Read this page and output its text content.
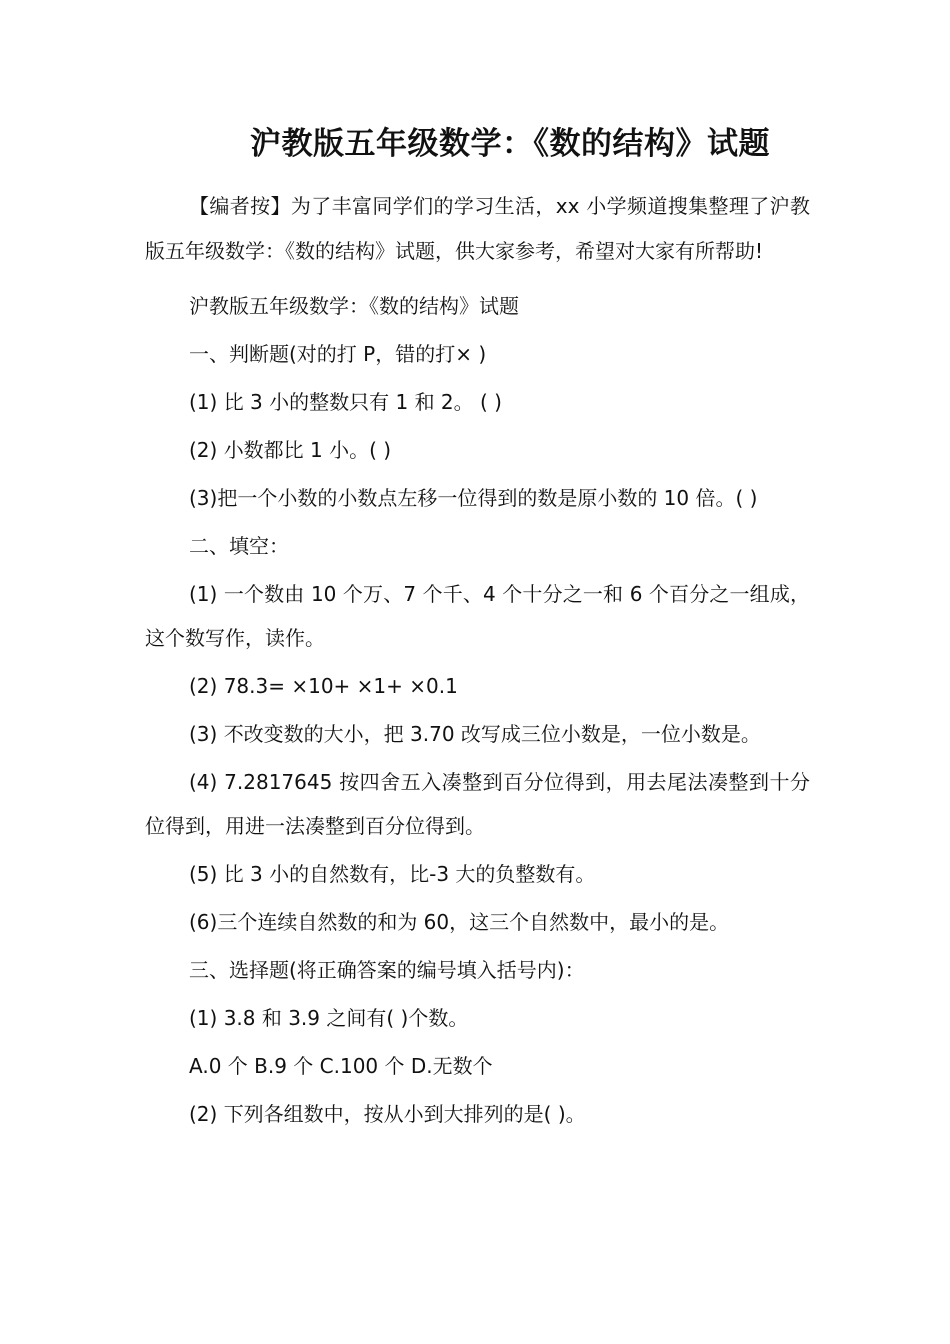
沪教版五年级数学：《数的结构》试题

【编者按】为了丰富同学们的学习生活，xx 小学频道搜集整理了沪教版五年级数学：《数的结构》试题，供大家参考，希望对大家有所帮助!

沪教版五年级数学：《数的结构》试题

一、判断题(对的打 P，错的打× )

(1) 比 3 小的整数只有 1 和 2。 ( )

(2) 小数都比 1 小。( )

(3)把一个小数的小数点左移一位得到的数是原小数的 10 倍。( )

二、填空：

(1) 一个数由 10 个万、7 个千、4 个十分之一和 6 个百分之一组成，这个数写作，读作。

(2) 78.3= ×10+ ×1+ ×0.1

(3) 不改变数的大小，把 3.70 改写成三位小数是，一位小数是。

(4) 7.2817645 按四舍五入凑整到百分位得到，用去尾法凑整到十分位得到，用进一法凑整到百分位得到。

(5) 比 3 小的自然数有，比-3 大的负整数有。

(6)三个连续自然数的和为 60，这三个自然数中，最小的是。

三、选择题(将正确答案的编号填入括号内)：

(1) 3.8 和 3.9 之间有( )个数。

A.0 个 B.9 个 C.100 个 D.无数个

(2) 下列各组数中，按从小到大排列的是( )。
